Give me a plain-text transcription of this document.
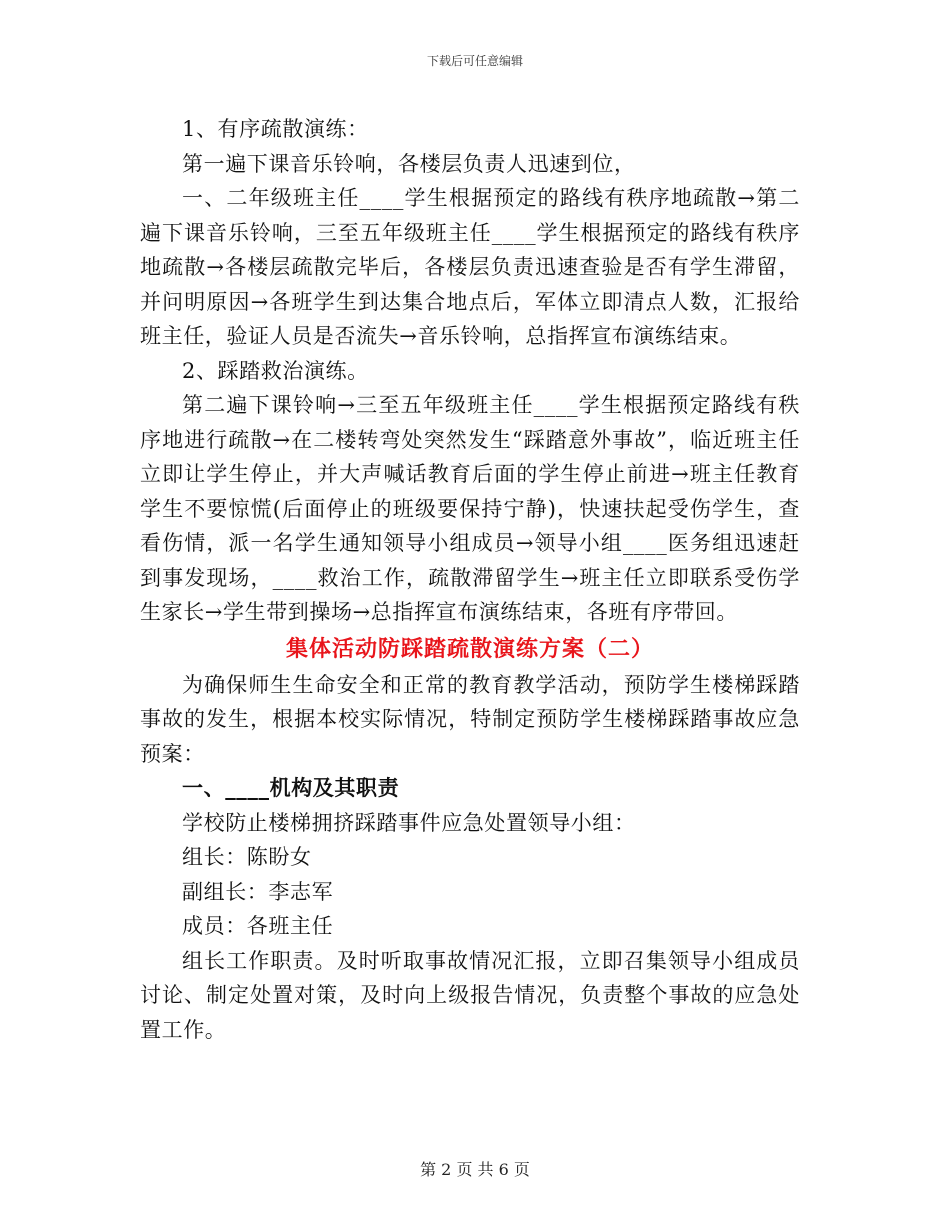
下载后可任意编辑

1、有序疏散演练：

第一遍下课音乐铃响，各楼层负责人迅速到位，

一、二年级班主任____学生根据预定的路线有秩序地疏散→第二遍下课音乐铃响，三至五年级班主任____学生根据预定的路线有秩序地疏散→各楼层疏散完毕后，各楼层负责迅速查验是否有学生滞留，并问明原因→各班学生到达集合地点后，军体立即清点人数，汇报给班主任，验证人员是否流失→音乐铃响，总指挥宣布演练结束。

2、踩踏救治演练。

第二遍下课铃响→三至五年级班主任____学生根据预定路线有秩序地进行疏散→在二楼转弯处突然发生“踩踏意外事故”，临近班主任立即让学生停止，并大声喊话教育后面的学生停止前进→班主任教育学生不要惊慌(后面停止的班级要保持宁静)，快速扶起受伤学生，查看伤情，派一名学生通知领导小组成员→领导小组____医务组迅速赶到事发现场，____救治工作，疏散滞留学生→班主任立即联系受伤学生家长→学生带到操场→总指挥宣布演练结束，各班有序带回。

集体活动防踩踏疏散演练方案（二）

为确保师生生命安全和正常的教育教学活动，预防学生楼梯踩踏事故的发生，根据本校实际情况，特制定预防学生楼梯踩踏事故应急预案：

一、____机构及其职责

学校防止楼梯拥挤踩踏事件应急处置领导小组：

组长：陈盼女

副组长：李志军

成员：各班主任

组长工作职责。及时听取事故情况汇报，立即召集领导小组成员讨论、制定处置对策，及时向上级报告情况，负责整个事故的应急处置工作。

第 2 页 共 6 页
